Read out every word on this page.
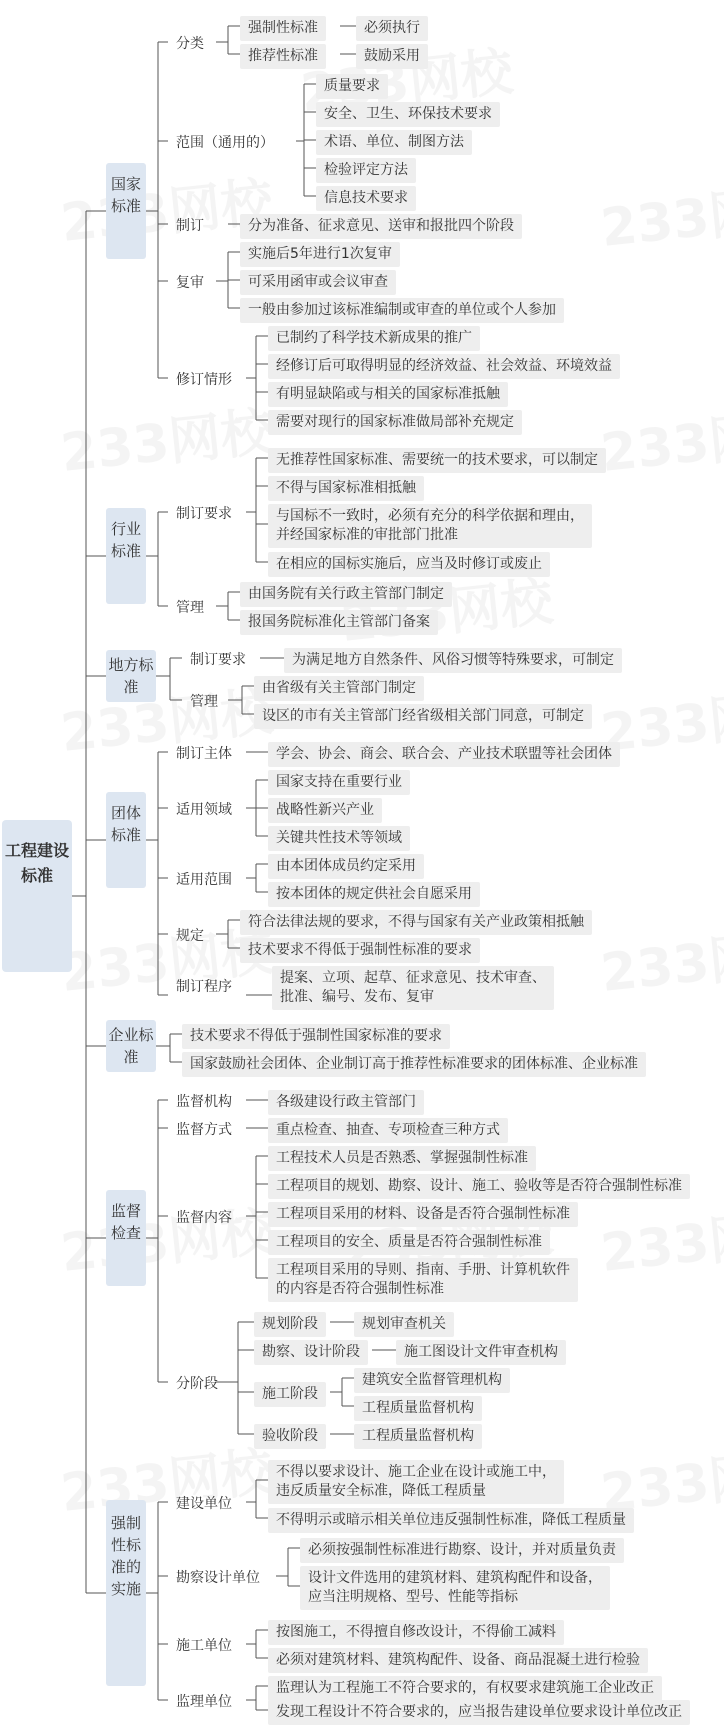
工程建设标准
国家标准
行业标准
地方标准
团体标准
企业标准
监督检查
强制性标准的实施
分类
强制性标准	必须执行
推荐性标准	鼓励采用
范围（通用的）
质量要求
安全、卫生、环保技术要求
术语、单位、制图方法
检验评定方法
信息技术要求
制订	分为准备、征求意见、送审和报批四个阶段
复审
实施后5年进行1次复审
可采用函审或会议审查
一般由参加过该标准编制或审查的单位或个人参加
修订情形
已制约了科学技术新成果的推广
经修订后可取得明显的经济效益、社会效益、环境效益
有明显缺陷或与相关的国家标准抵触
需要对现行的国家标准做局部补充规定
制订要求
无推荐性国家标准、需要统一的技术要求，可以制定
不得与国家标准相抵触
与国标不一致时，必须有充分的科学依据和理由，
并经国家标准的审批部门批准
在相应的国标实施后，应当及时修订或废止
管理
由国务院有关行政主管部门制定
报国务院标准化主管部门备案
制订要求	为满足地方自然条件、风俗习惯等特殊要求，可制定
管理
由省级有关主管部门制定
设区的市有关主管部门经省级相关部门同意，可制定
制订主体	学会、协会、商会、联合会、产业技术联盟等社会团体
适用领域
国家支持在重要行业
战略性新兴产业
关键共性技术等领域
适用范围
由本团体成员约定采用
按本团体的规定供社会自愿采用
规定
符合法律法规的要求，不得与国家有关产业政策相抵触
技术要求不得低于强制性标准的要求
制订程序
提案、立项、起草、征求意见、技术审查、
批准、编号、发布、复审
技术要求不得低于强制性国家标准的要求
国家鼓励社会团体、企业制订高于推荐性标准要求的团体标准、企业标准
监督机构	各级建设行政主管部门
监督方式	重点检查、抽查、专项检查三种方式
监督内容
工程技术人员是否熟悉、掌握强制性标准
工程项目的规划、勘察、设计、施工、验收等是否符合强制性标准
工程项目采用的材料、设备是否符合强制性标准
工程项目的安全、质量是否符合强制性标准
工程项目采用的导则、指南、手册、计算机软件
的内容是否符合强制性标准
分阶段
规划阶段	规划审查机关
勘察、设计阶段	施工图设计文件审查机构
施工阶段
建筑安全监督管理机构
工程质量监督机构
验收阶段	工程质量监督机构
建设单位
不得以要求设计、施工企业在设计或施工中，
违反质量安全标准，降低工程质量
不得明示或暗示相关单位违反强制性标准，降低工程质量
勘察设计单位
必须按强制性标准进行勘察、设计，并对质量负责
设计文件选用的建筑材料、建筑构配件和设备，
应当注明规格、型号、性能等指标
施工单位
按图施工，不得擅自修改设计，不得偷工减料
必须对建筑材料、建筑构配件、设备、商品混凝土进行检验
监理单位
监理认为工程施工不符合要求的，有权要求建筑施工企业改正
发现工程设计不符合要求的，应当报告建设单位要求设计单位改正
